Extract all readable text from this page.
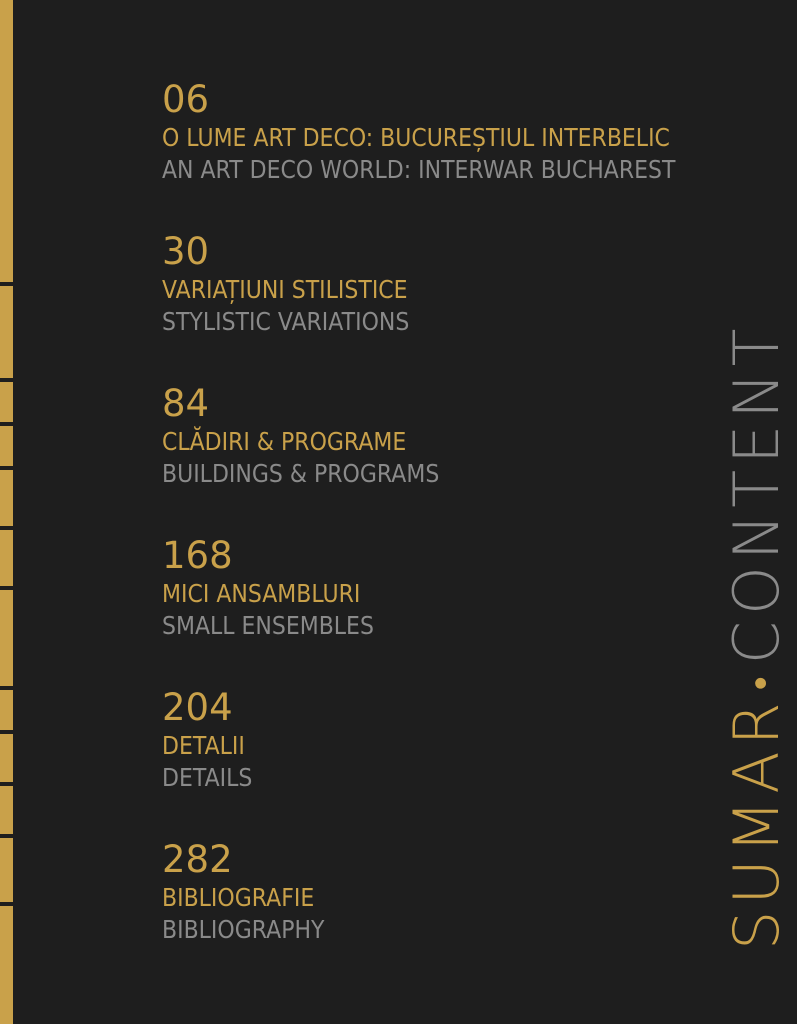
06
O LUME ART DECO: BUCUREȘTIUL INTERBELIC
AN ART DECO WORLD: INTERWAR BUCHAREST
30
VARIAȚIUNI STILISTICE
STYLISTIC VARIATIONS
84
CLĂDIRI & PROGRAME
BUILDINGS & PROGRAMS
168
MICI ANSAMBLURI
SMALL ENSEMBLES
204
DETALII
DETAILS
282
BIBLIOGRAFIE
BIBLIOGRAPHY	SUMAR•CONTENT
